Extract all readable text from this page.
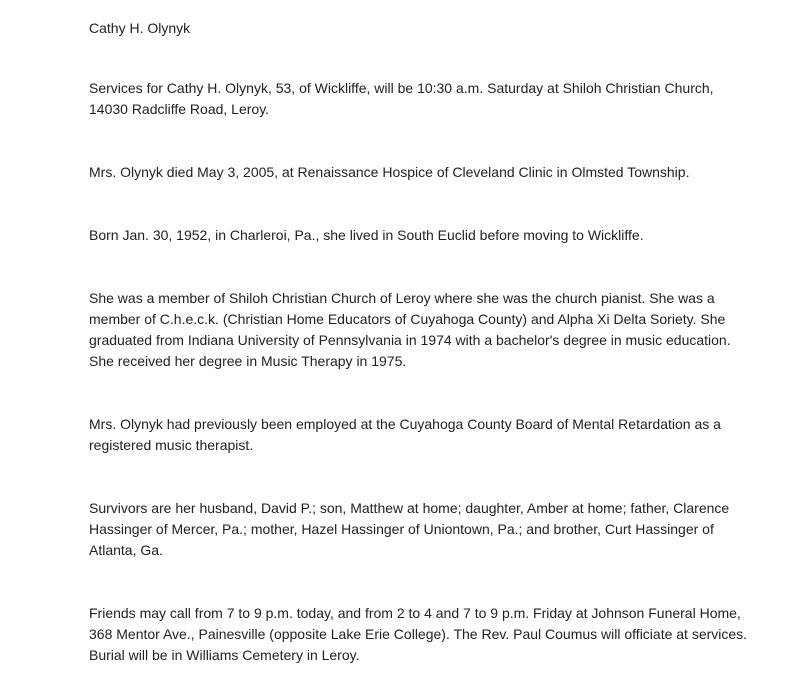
Cathy H. Olynyk

Services for Cathy H. Olynyk, 53, of Wickliffe, will be 10:30 a.m. Saturday at Shiloh Christian Church, 14030 Radcliffe Road, Leroy.

Mrs. Olynyk died May 3, 2005, at Renaissance Hospice of Cleveland Clinic in Olmsted Township.

Born Jan. 30, 1952, in Charleroi, Pa., she lived in South Euclid before moving to Wickliffe.

She was a member of Shiloh Christian Church of Leroy where she was the church pianist. She was a member of C.h.e.c.k. (Christian Home Educators of Cuyahoga County) and Alpha Xi Delta Soriety. She graduated from Indiana University of Pennsylvania in 1974 with a bachelor's degree in music education. She received her degree in Music Therapy in 1975.

Mrs. Olynyk had previously been employed at the Cuyahoga County Board of Mental Retardation as a registered music therapist.

Survivors are her husband, David P.; son, Matthew at home; daughter, Amber at home; father, Clarence Hassinger of Mercer, Pa.; mother, Hazel Hassinger of Uniontown, Pa.; and brother, Curt Hassinger of Atlanta, Ga.

Friends may call from 7 to 9 p.m. today, and from 2 to 4 and 7 to 9 p.m. Friday at Johnson Funeral Home, 368 Mentor Ave., Painesville (opposite Lake Erie College). The Rev. Paul Coumus will officiate at services. Burial will be in Williams Cemetery in Leroy.
